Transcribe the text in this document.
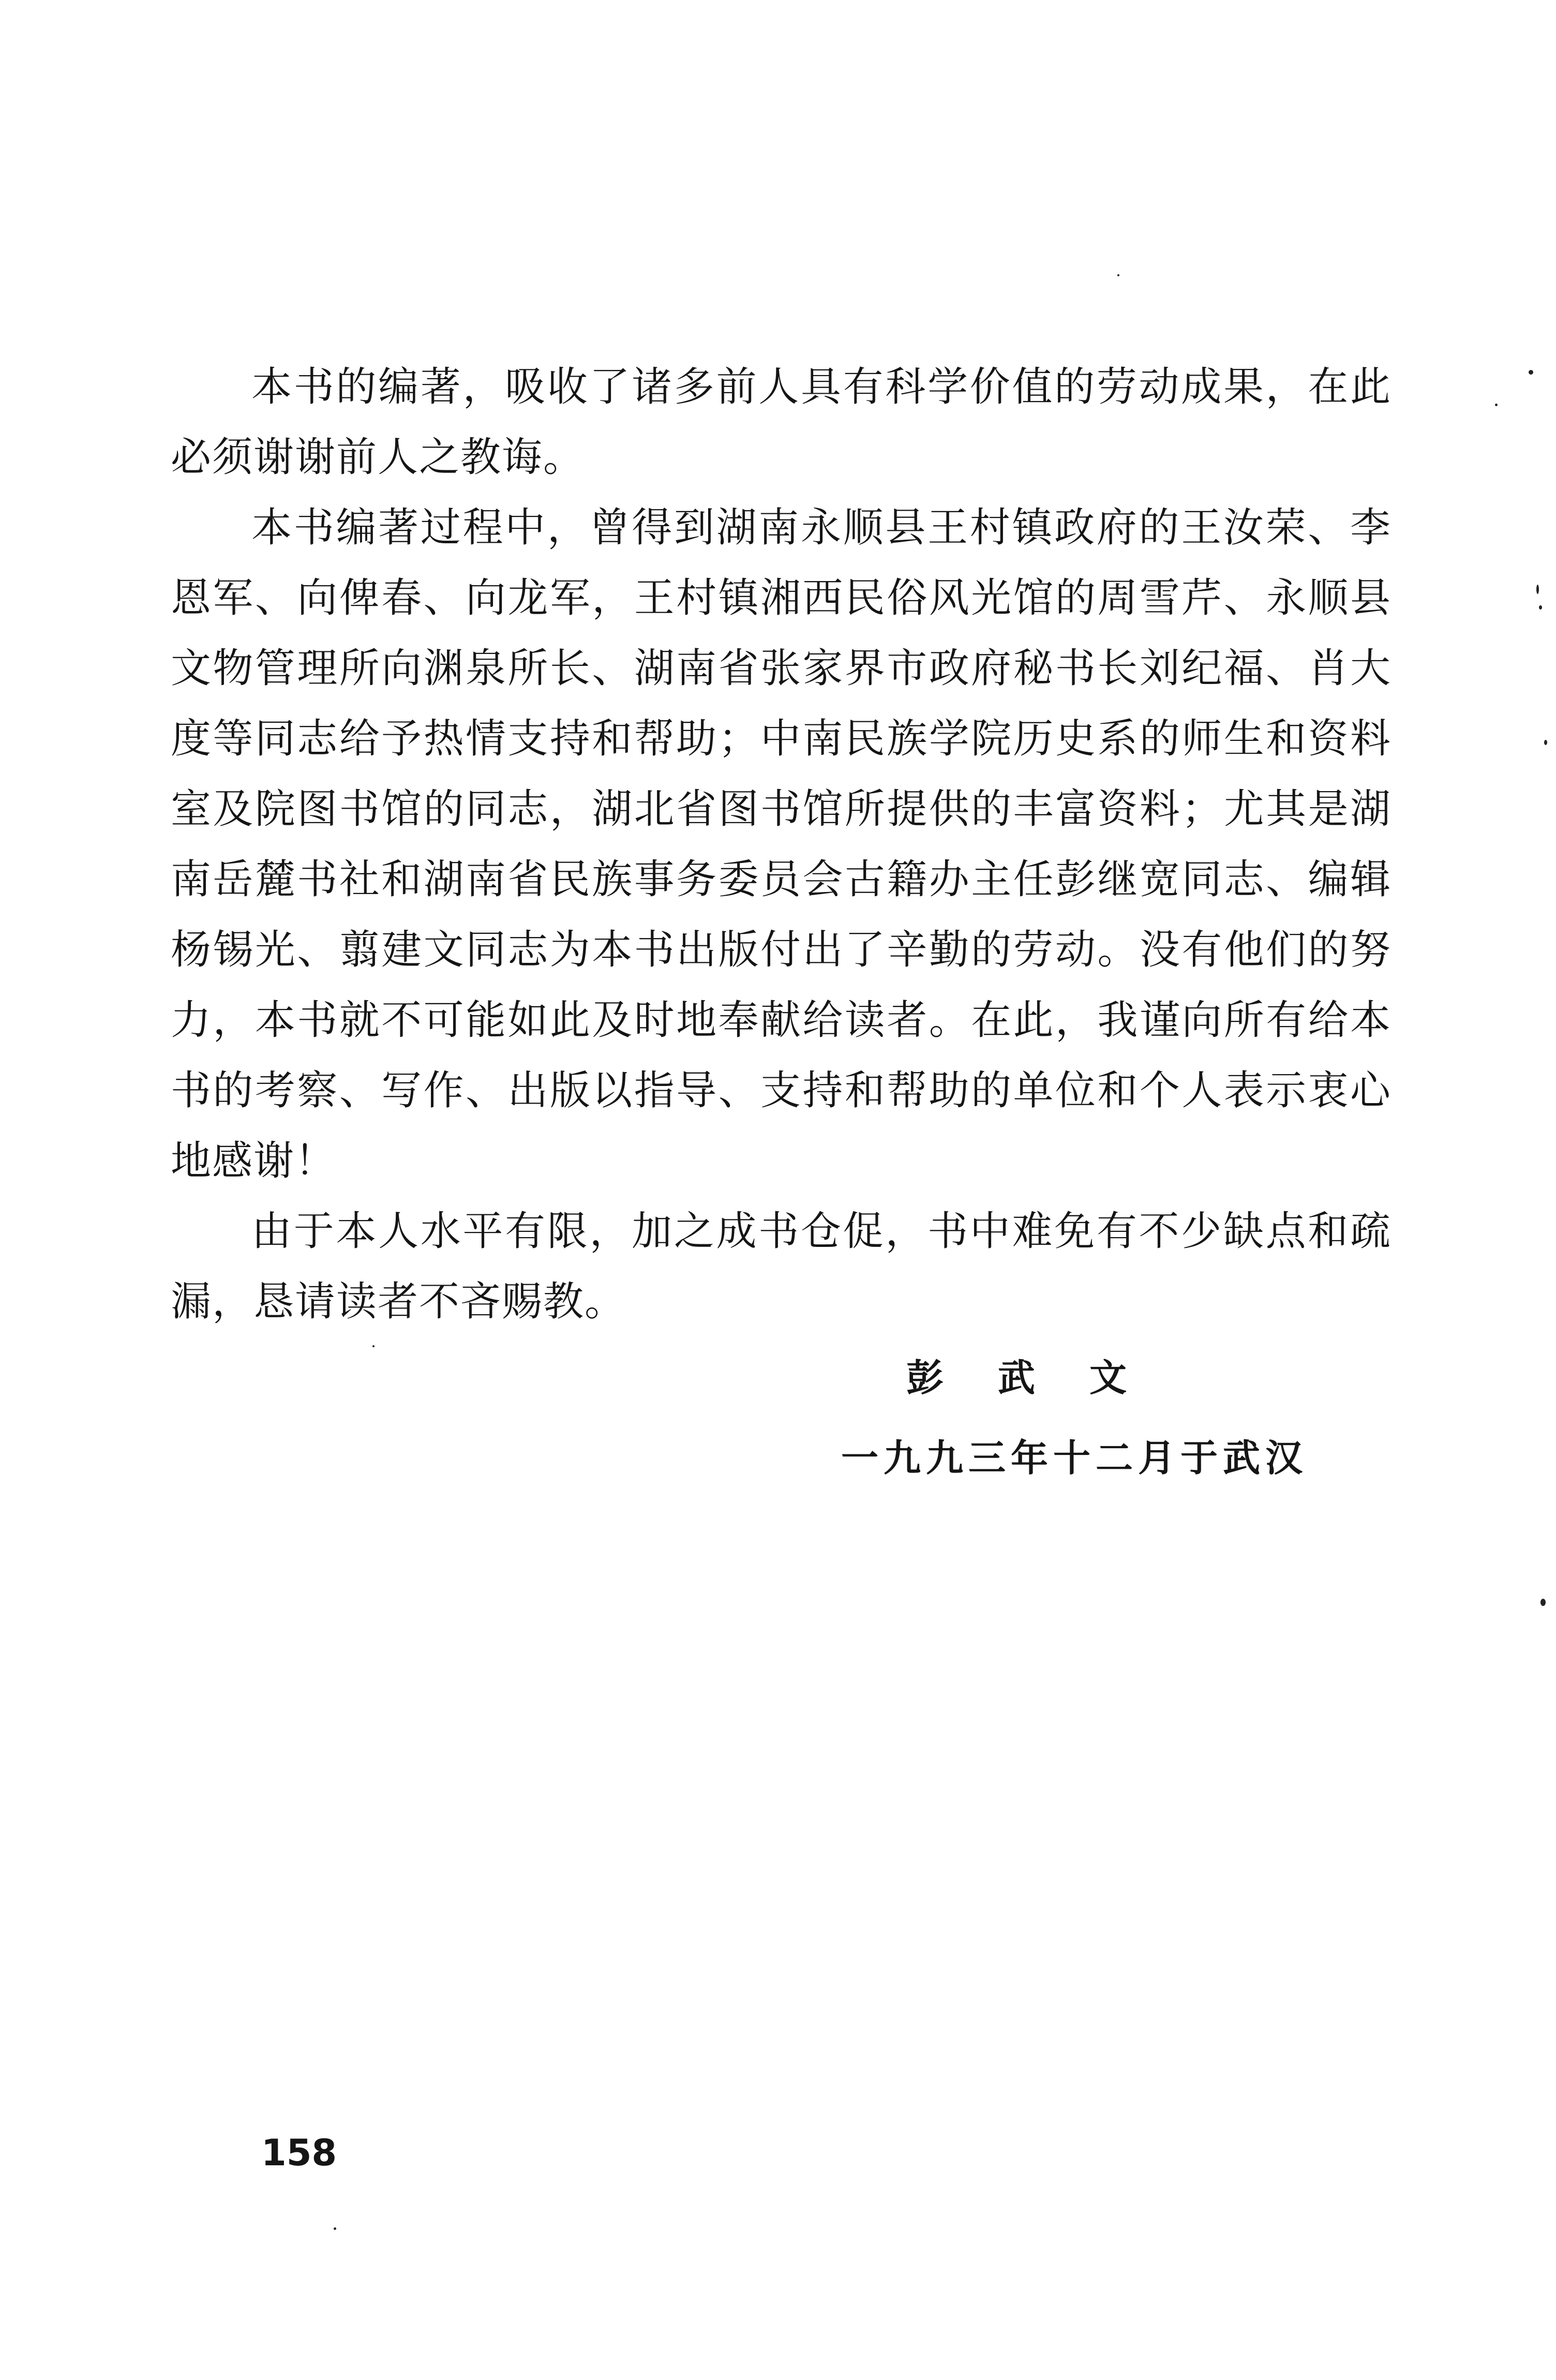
本书的编著，吸收了诸多前人具有科学价值的劳动成果，在此必须谢谢前人之教诲。

本书编著过程中，曾得到湖南永顺县王村镇政府的王汝荣、李恩军、向俾春、向龙军，王村镇湘西民俗风光馆的周雪芹、永顺县文物管理所向渊泉所长、湖南省张家界市政府秘书长刘纪福、肖大度等同志给予热情支持和帮助；中南民族学院历史系的师生和资料室及院图书馆的同志，湖北省图书馆所提供的丰富资料；尤其是湖南岳麓书社和湖南省民族事务委员会古籍办主任彭继宽同志、编辑杨锡光、翦建文同志为本书出版付出了辛勤的劳动。没有他们的努力，本书就不可能如此及时地奉献给读者。在此，我谨向所有给本书的考察、写作、出版以指导、支持和帮助的单位和个人表示衷心地感谢！

由于本人水平有限，加之成书仓促，书中难免有不少缺点和疏漏，恳请读者不吝赐教。

彭 武 文
一九九三年十二月于武汉
158
